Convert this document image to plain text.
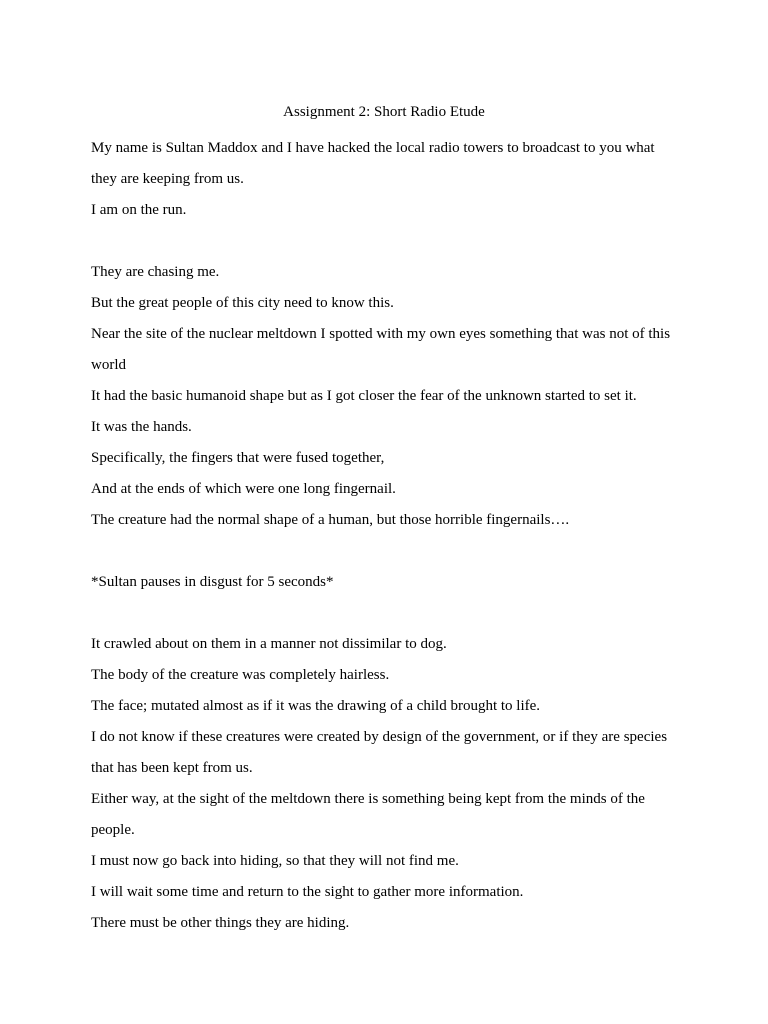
Assignment 2: Short Radio Etude

My name is Sultan Maddox and I have hacked the local radio towers to broadcast to you what they are keeping from us.

I am on the run.

They are chasing me.

But the great people of this city need to know this.

Near the site of the nuclear meltdown I spotted with my own eyes something that was not of this world

It had the basic humanoid shape but as I got closer the fear of the unknown started to set it.

It was the hands.

Specifically, the fingers that were fused together,

And at the ends of which were one long fingernail.

The creature had the normal shape of a human, but those horrible fingernails….

*Sultan pauses in disgust for 5 seconds*

It crawled about on them in a manner not dissimilar to dog.

The body of the creature was completely hairless.

The face; mutated almost as if it was the drawing of a child brought to life.

I do not know if these creatures were created by design of the government, or if they are species that has been kept from us.

Either way, at the sight of the meltdown there is something being kept from the minds of the people.

I must now go back into hiding, so that they will not find me.

I will wait some time and return to the sight to gather more information.

There must be other things they are hiding.
